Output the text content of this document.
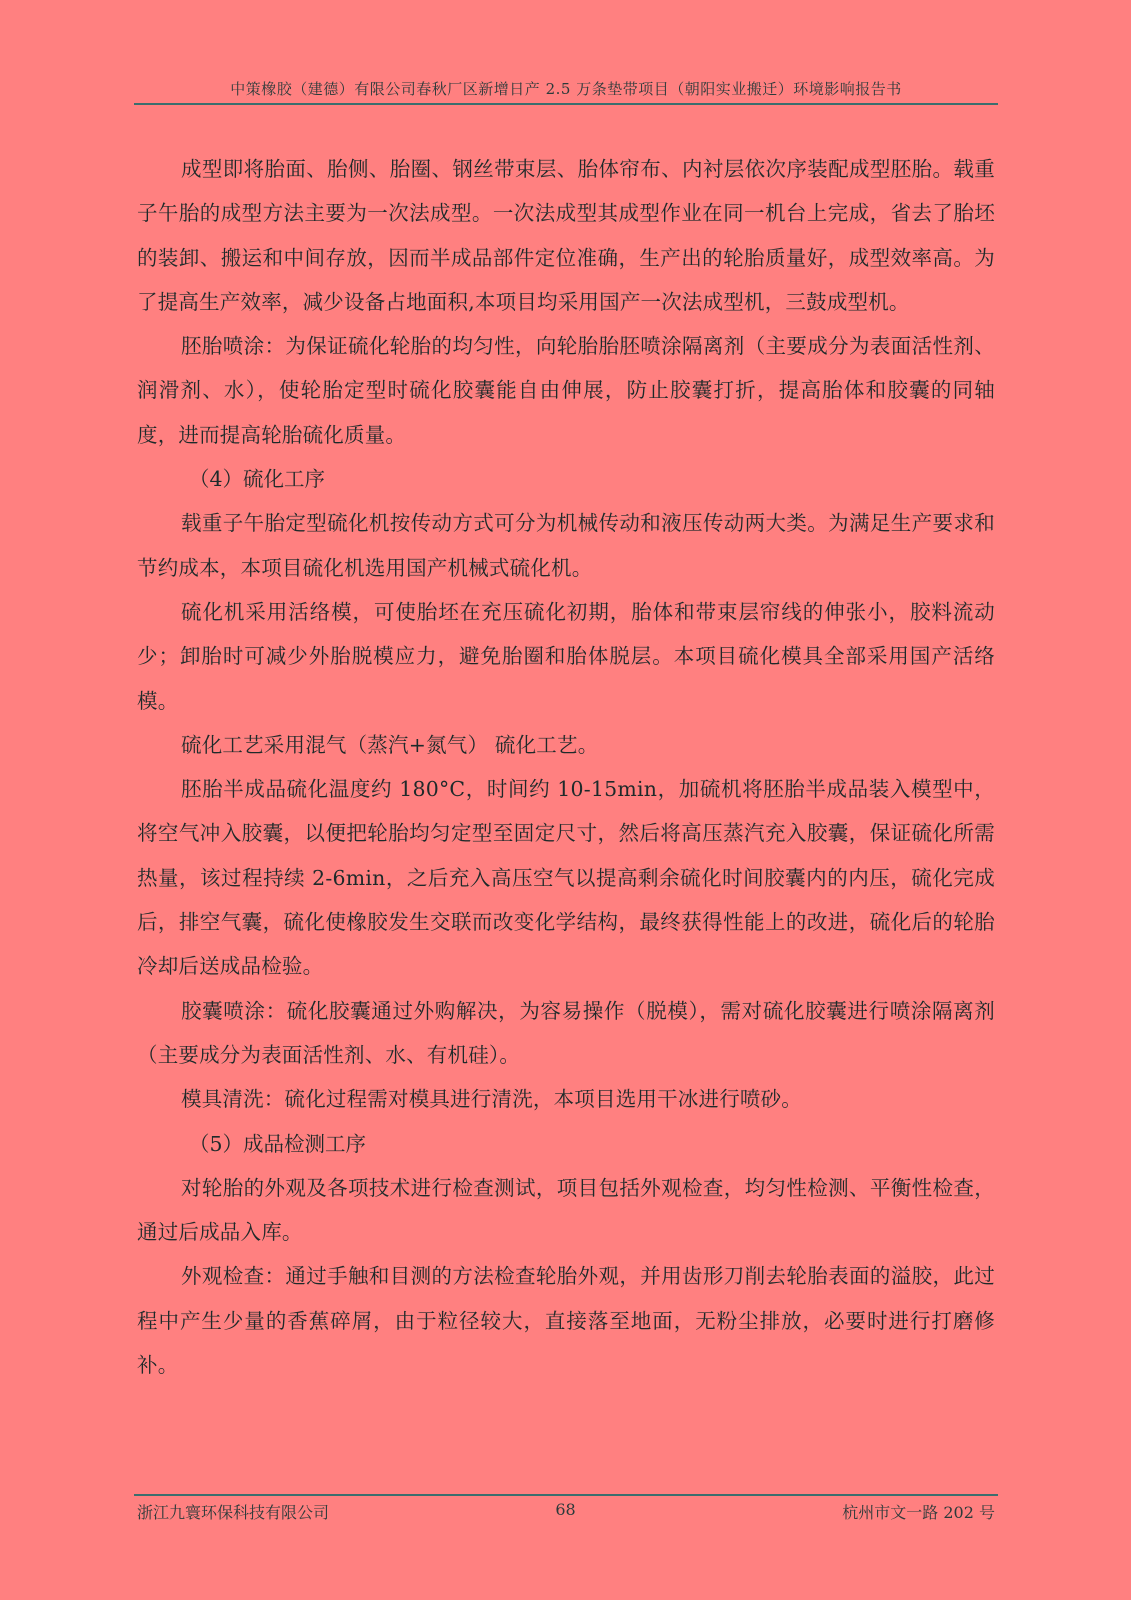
中策橡胶（建德）有限公司春秋厂区新增日产 2.5 万条垫带项目（朝阳实业搬迁）环境影响报告书

成型即将胎面、胎侧、胎圈、钢丝带束层、胎体帘布、内衬层依次序装配成型胚胎。载重子午胎的成型方法主要为一次法成型。一次法成型其成型作业在同一机台上完成，省去了胎坯的装卸、搬运和中间存放，因而半成品部件定位准确，生产出的轮胎质量好，成型效率高。为了提高生产效率，减少设备占地面积,本项目均采用国产一次法成型机，三鼓成型机。

胚胎喷涂：为保证硫化轮胎的均匀性，向轮胎胎胚喷涂隔离剂（主要成分为表面活性剂、润滑剂、水），使轮胎定型时硫化胶囊能自由伸展，防止胶囊打折，提高胎体和胶囊的同轴度，进而提高轮胎硫化质量。

（4）硫化工序

载重子午胎定型硫化机按传动方式可分为机械传动和液压传动两大类。为满足生产要求和节约成本，本项目硫化机选用国产机械式硫化机。

硫化机采用活络模，可使胎坯在充压硫化初期，胎体和带束层帘线的伸张小，胶料流动少；卸胎时可减少外胎脱模应力，避免胎圈和胎体脱层。本项目硫化模具全部采用国产活络模。

硫化工艺采用混气（蒸汽+氮气） 硫化工艺。

胚胎半成品硫化温度约 180°C，时间约 10-15min，加硫机将胚胎半成品装入模型中，将空气冲入胶囊，以便把轮胎均匀定型至固定尺寸，然后将高压蒸汽充入胶囊，保证硫化所需热量，该过程持续 2-6min，之后充入高压空气以提高剩余硫化时间胶囊内的内压，硫化完成后，排空气囊，硫化使橡胶发生交联而改变化学结构，最终获得性能上的改进，硫化后的轮胎冷却后送成品检验。

胶囊喷涂：硫化胶囊通过外购解决，为容易操作（脱模），需对硫化胶囊进行喷涂隔离剂（主要成分为表面活性剂、水、有机硅）。

模具清洗：硫化过程需对模具进行清洗，本项目选用干冰进行喷砂。

（5）成品检测工序

对轮胎的外观及各项技术进行检查测试，项目包括外观检查，均匀性检测、平衡性检查，通过后成品入库。

外观检查：通过手触和目测的方法检查轮胎外观，并用齿形刀削去轮胎表面的溢胶，此过程中产生少量的香蕉碎屑，由于粒径较大，直接落至地面，无粉尘排放，必要时进行打磨修补。

浙江九寰环保科技有限公司	68	杭州市文一路 202 号
